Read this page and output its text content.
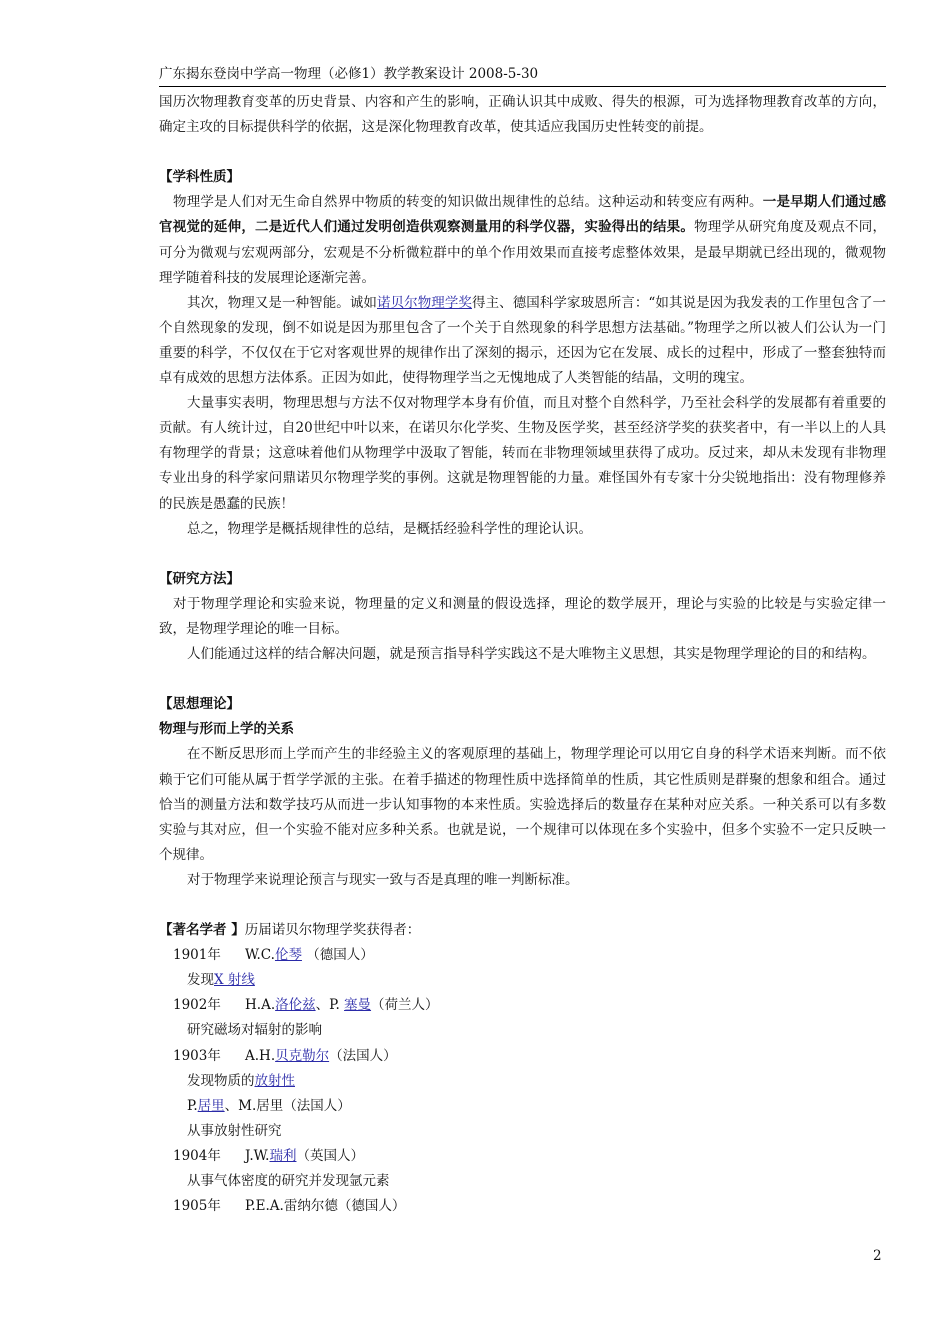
广东揭东登岗中学高一物理（必修1）教学教案设计 2008-5-30

国历次物理教育变革的历史背景、内容和产生的影响，正确认识其中成败、得失的根源，可为选择物理教育改革的方向，确定主攻的目标提供科学的依据，这是深化物理教育改革，使其适应我国历史性转变的前提。

【学科性质】

物理学是人们对无生命自然界中物质的转变的知识做出规律性的总结。这种运动和转变应有两种。一是早期人们通过感官视觉的延伸，二是近代人们通过发明创造供观察测量用的科学仪器，实验得出的结果。物理学从研究角度及观点不同，可分为微观与宏观两部分，宏观是不分析微粒群中的单个作用效果而直接考虑整体效果，是最早期就已经出现的，微观物理学随着科技的发展理论逐渐完善。

其次，物理又是一种智能。诚如诺贝尔物理学奖得主、德国科学家玻恩所言：“如其说是因为我发表的工作里包含了一个自然现象的发现，倒不如说是因为那里包含了一个关于自然现象的科学思想方法基础。”物理学之所以被人们公认为一门重要的科学，不仅仅在于它对客观世界的规律作出了深刻的揭示，还因为它在发展、成长的过程中，形成了一整套独特而卓有成效的思想方法体系。正因为如此，使得物理学当之无愧地成了人类智能的结晶，文明的瑰宝。

大量事实表明，物理思想与方法不仅对物理学本身有价值，而且对整个自然科学，乃至社会科学的发展都有着重要的贡献。有人统计过，自20世纪中叶以来，在诺贝尔化学奖、生物及医学奖，甚至经济学奖的获奖者中，有一半以上的人具有物理学的背景；这意味着他们从物理学中汲取了智能，转而在非物理领域里获得了成功。反过来，却从未发现有非物理专业出身的科学家问鼎诺贝尔物理学奖的事例。这就是物理智能的力量。难怪国外有专家十分尖锐地指出：没有物理修养的民族是愚蠢的民族！

总之，物理学是概括规律性的总结，是概括经验科学性的理论认识。

【研究方法】

对于物理学理论和实验来说，物理量的定义和测量的假设选择，理论的数学展开，理论与实验的比较是与实验定律一致，是物理学理论的唯一目标。

人们能通过这样的结合解决问题，就是预言指导科学实践这不是大唯物主义思想，其实是物理学理论的目的和结构。

【思想理论】

物理与形而上学的关系

在不断反思形而上学而产生的非经验主义的客观原理的基础上，物理学理论可以用它自身的科学术语来判断。而不依赖于它们可能从属于哲学学派的主张。在着手描述的物理性质中选择简单的性质，其它性质则是群聚的想象和组合。通过恰当的测量方法和数学技巧从而进一步认知事物的本来性质。实验选择后的数量存在某种对应关系。一种关系可以有多数实验与其对应，但一个实验不能对应多种关系。也就是说，一个规律可以体现在多个实验中，但多个实验不一定只反映一个规律。

对于物理学来说理论预言与现实一致与否是真理的唯一判断标准。

【著名学者 】历届诺贝尔物理学奖获得者：

1901年	W.C.伦琴 （德国人）

发现X 射线

1902年	H.A.洛伦兹、P. 塞曼（荷兰人）

研究磁场对辐射的影响

1903年	A.H.贝克勒尔（法国人）

发现物质的放射性

P.居里、M.居里（法国人）

从事放射性研究

1904年	J.W.瑞利（英国人）

从事气体密度的研究并发现氩元素

1905年	P.E.A.雷纳尔德（德国人）
2
